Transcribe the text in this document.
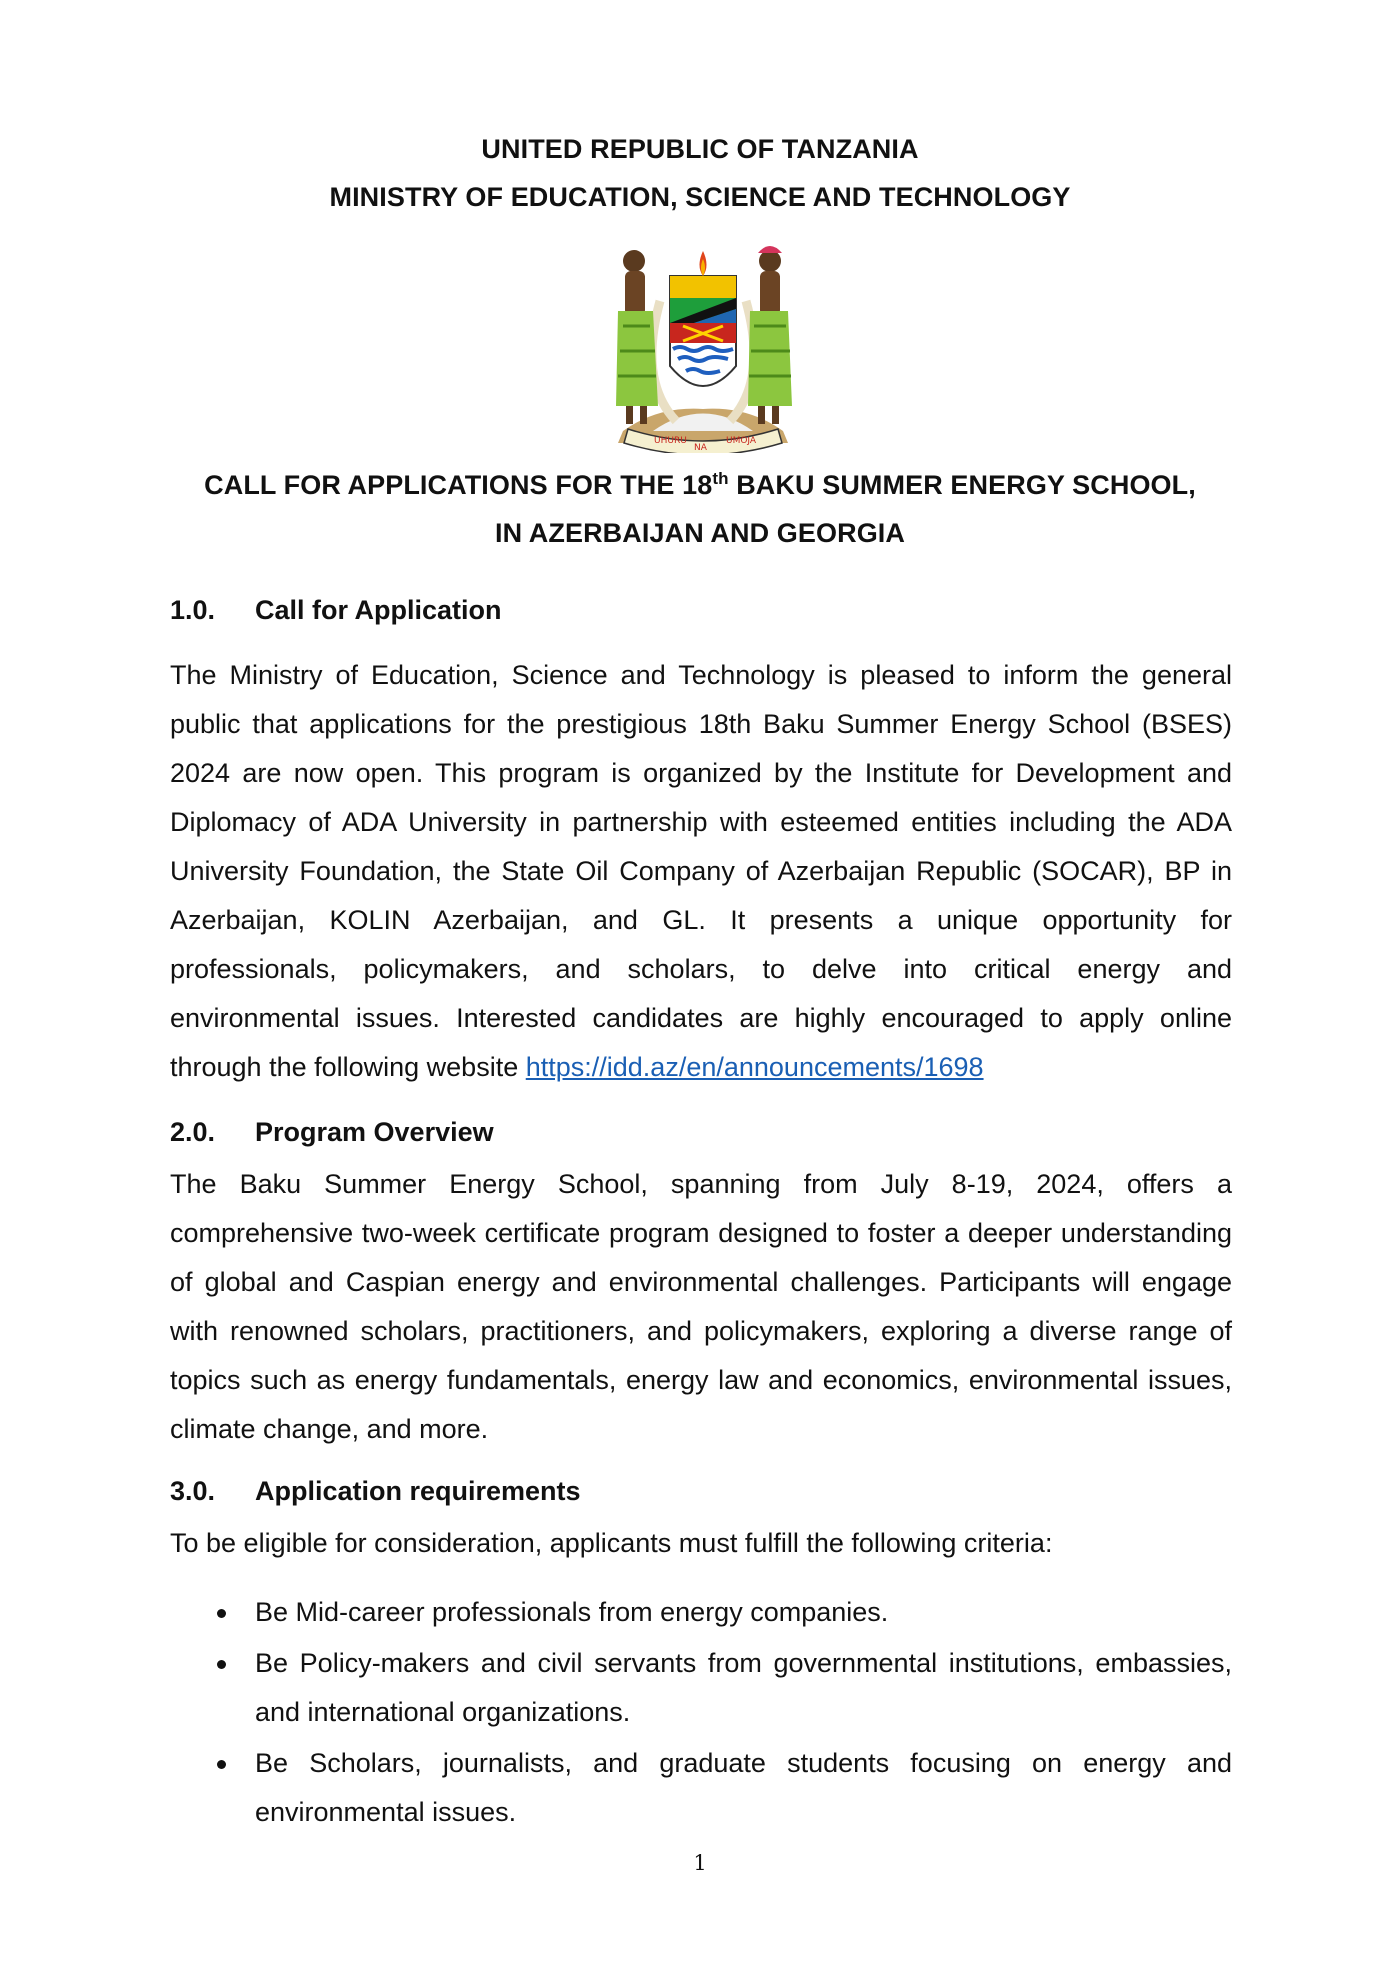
UNITED REPUBLIC OF TANZANIA
MINISTRY OF EDUCATION, SCIENCE AND TECHNOLOGY
UHURU
NA
UMOJA
CALL FOR APPLICATIONS FOR THE 18th BAKU SUMMER ENERGY SCHOOL,
IN AZERBAIJAN AND GEORGIA
1.0. Call for Application

The Ministry of Education, Science and Technology is pleased to inform the general public that applications for the prestigious 18th Baku Summer Energy School (BSES) 2024 are now open. This program is organized by the Institute for Development and Diplomacy of ADA University in partnership with esteemed entities including the ADA University Foundation, the State Oil Company of Azerbaijan Republic (SOCAR), BP in Azerbaijan, KOLIN Azerbaijan, and GL. It presents a unique opportunity for professionals, policymakers, and scholars, to delve into critical energy and environmental issues. Interested candidates are highly encouraged to apply online through the following website https://idd.az/en/announcements/1698

2.0. Program Overview

The Baku Summer Energy School, spanning from July 8-19, 2024, offers a comprehensive two-week certificate program designed to foster a deeper understanding of global and Caspian energy and environmental challenges. Participants will engage with renowned scholars, practitioners, and policymakers, exploring a diverse range of topics such as energy fundamentals, energy law and economics, environmental issues, climate change, and more.

3.0. Application requirements

To be eligible for consideration, applicants must fulfill the following criteria:

Be Mid-career professionals from energy companies.
Be Policy-makers and civil servants from governmental institutions, embassies, and international organizations.
Be Scholars, journalists, and graduate students focusing on energy and environmental issues.
1
